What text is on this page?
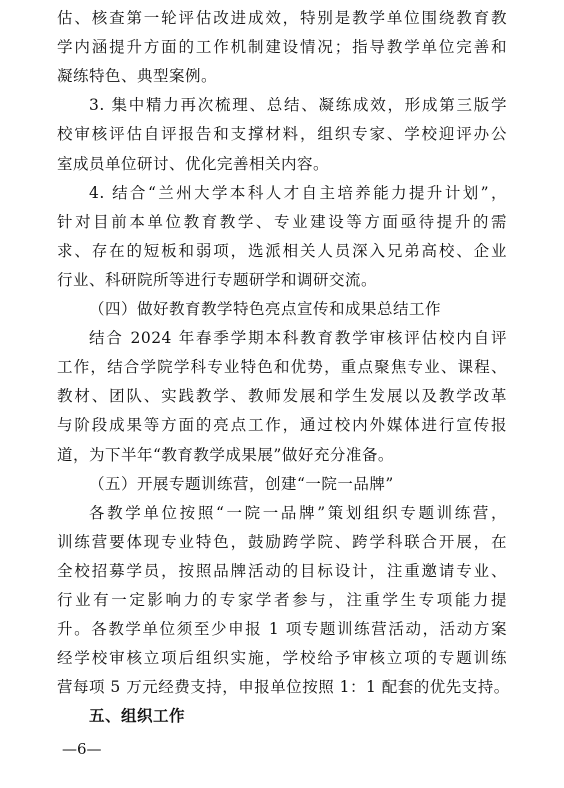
估、核查第一轮评估改进成效，特别是教学单位围绕教育教
学内涵提升方面的工作机制建设情况；指导教学单位完善和
凝练特色、典型案例。
3. 集中精力再次梳理、总结、凝练成效，形成第三版学
校审核评估自评报告和支撑材料，组织专家、学校迎评办公
室成员单位研讨、优化完善相关内容。
4. 结合“兰州大学本科人才自主培养能力提升计划”，
针对目前本单位教育教学、专业建设等方面亟待提升的需
求、存在的短板和弱项，选派相关人员深入兄弟高校、企业
行业、科研院所等进行专题研学和调研交流。
（四）做好教育教学特色亮点宣传和成果总结工作
结合 2024 年春季学期本科教育教学审核评估校内自评
工作，结合学院学科专业特色和优势，重点聚焦专业、课程、
教材、团队、实践教学、教师发展和学生发展以及教学改革
与阶段成果等方面的亮点工作，通过校内外媒体进行宣传报
道，为下半年“教育教学成果展”做好充分准备。
（五）开展专题训练营，创建“一院一品牌”
各教学单位按照“一院一品牌”策划组织专题训练营，
训练营要体现专业特色，鼓励跨学院、跨学科联合开展，在
全校招募学员，按照品牌活动的目标设计，注重邀请专业、
行业有一定影响力的专家学者参与，注重学生专项能力提
升。各教学单位须至少申报 1 项专题训练营活动，活动方案
经学校审核立项后组织实施，学校给予审核立项的专题训练
营每项 5 万元经费支持，申报单位按照 1：1 配套的优先支持。
五、组织工作
—6—
